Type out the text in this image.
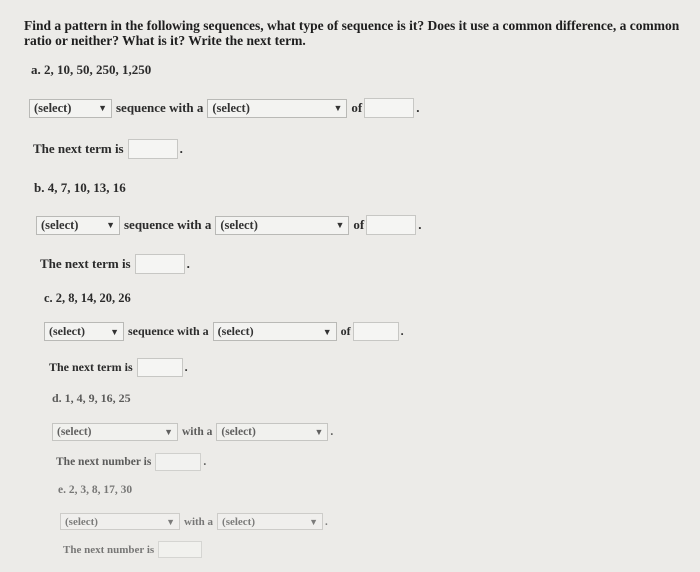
Find a pattern in the following sequences, what type of sequence is it? Does it use a common difference, a common ratio or neither? What is it? Write the next term.
a. 2, 10, 50, 250, 1,250
(select)	▼ sequence with a (select)	▼ of	.
The next term is	.
b. 4, 7, 10, 13, 16
(select)	▼ sequence with a (select)	▼ of	.
The next term is	.
c. 2, 8, 14, 20, 26
(select)	▼ sequence with a (select)	▼ of	.
The next term is	.
d. 1, 4, 9, 16, 25
(select)	▼ with a (select)	▼ .
The next number is	.
e. 2, 3, 8, 17, 30
(select)	▼ with a (select)	▼ .
The next number is
